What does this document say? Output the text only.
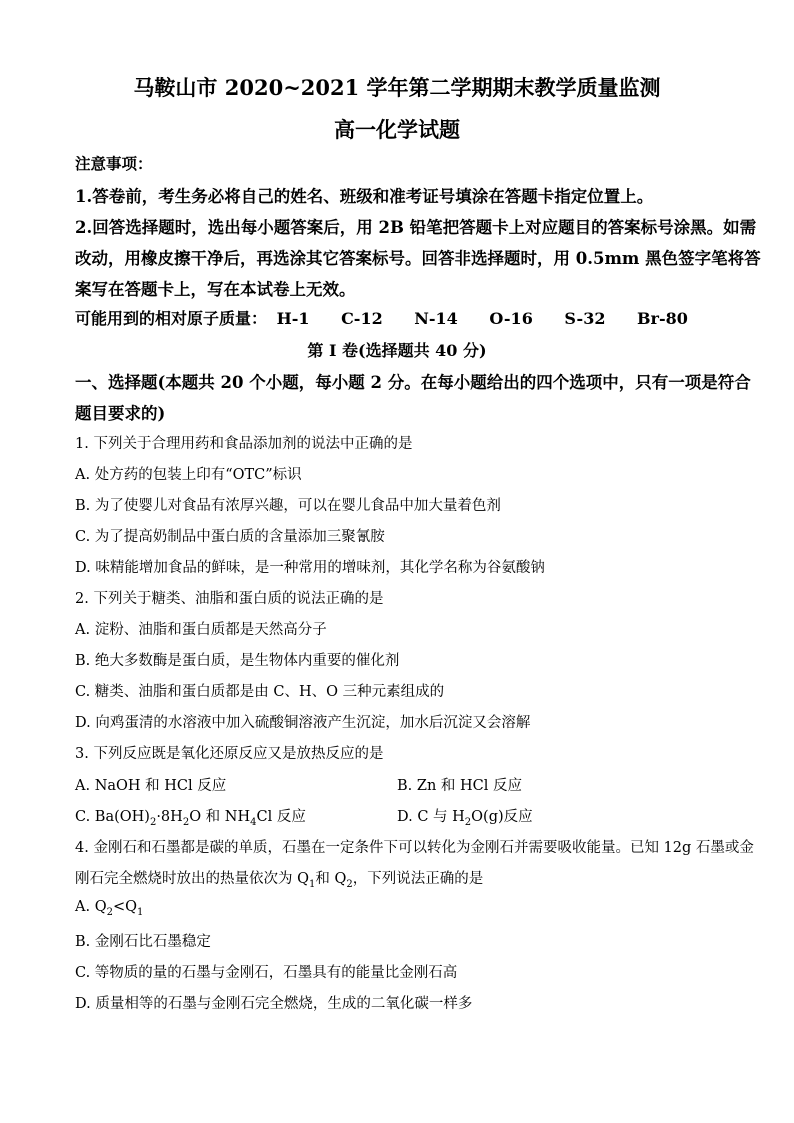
马鞍山市 2020~2021 学年第二学期期末教学质量监测
高一化学试题
注意事项：
1.答卷前，考生务必将自己的姓名、班级和准考证号填涂在答题卡指定位置上。
2.回答选择题时，选出每小题答案后，用 2B 铅笔把答题卡上对应题目的答案标号涂黑。如需
改动，用橡皮擦干净后，再选涂其它答案标号。回答非选择题时，用 0.5mm 黑色签字笔将答
案写在答题卡上，写在本试卷上无效。
可能用到的相对原子质量： H-1 C-12 N-14 O-16 S-32 Br-80
第 I 卷(选择题共 40 分)
一、选择题(本题共 20 个小题，每小题 2 分。在每小题给出的四个选项中，只有一项是符合
题目要求的)
1. 下列关于合理用药和食品添加剂的说法中正确的是
A. 处方药的包装上印有“OTC”标识
B. 为了使婴儿对食品有浓厚兴趣，可以在婴儿食品中加大量着色剂
C. 为了提高奶制品中蛋白质的含量添加三聚氰胺
D. 味精能增加食品的鲜味，是一种常用的增味剂，其化学名称为谷氨酸钠
2. 下列关于糖类、油脂和蛋白质的说法正确的是
A. 淀粉、油脂和蛋白质都是天然高分子
B. 绝大多数酶是蛋白质，是生物体内重要的催化剂
C. 糖类、油脂和蛋白质都是由 C、H、O 三种元素组成的
D. 向鸡蛋清的水溶液中加入硫酸铜溶液产生沉淀，加水后沉淀又会溶解
3. 下列反应既是氧化还原反应又是放热反应的是
A. NaOH 和 HCl 反应	B. Zn 和 HCl 反应
C. $Ba(OH)_2\cdot 8H_2O$ 和 $NH_4Cl$ 反应	D. C 与 $H_2O(g)$反应
4. 金刚石和石墨都是碳的单质，石墨在一定条件下可以转化为金刚石并需要吸收能量。已知 12g 石墨或金
刚石完全燃烧时放出的热量依次为 $Q_1$和 $Q_2$，下列说法正确的是
A. $Q_2<Q_1$
B. 金刚石比石墨稳定
C. 等物质的量的石墨与金刚石，石墨具有的能量比金刚石高
D. 质量相等的石墨与金刚石完全燃烧，生成的二氧化碳一样多
